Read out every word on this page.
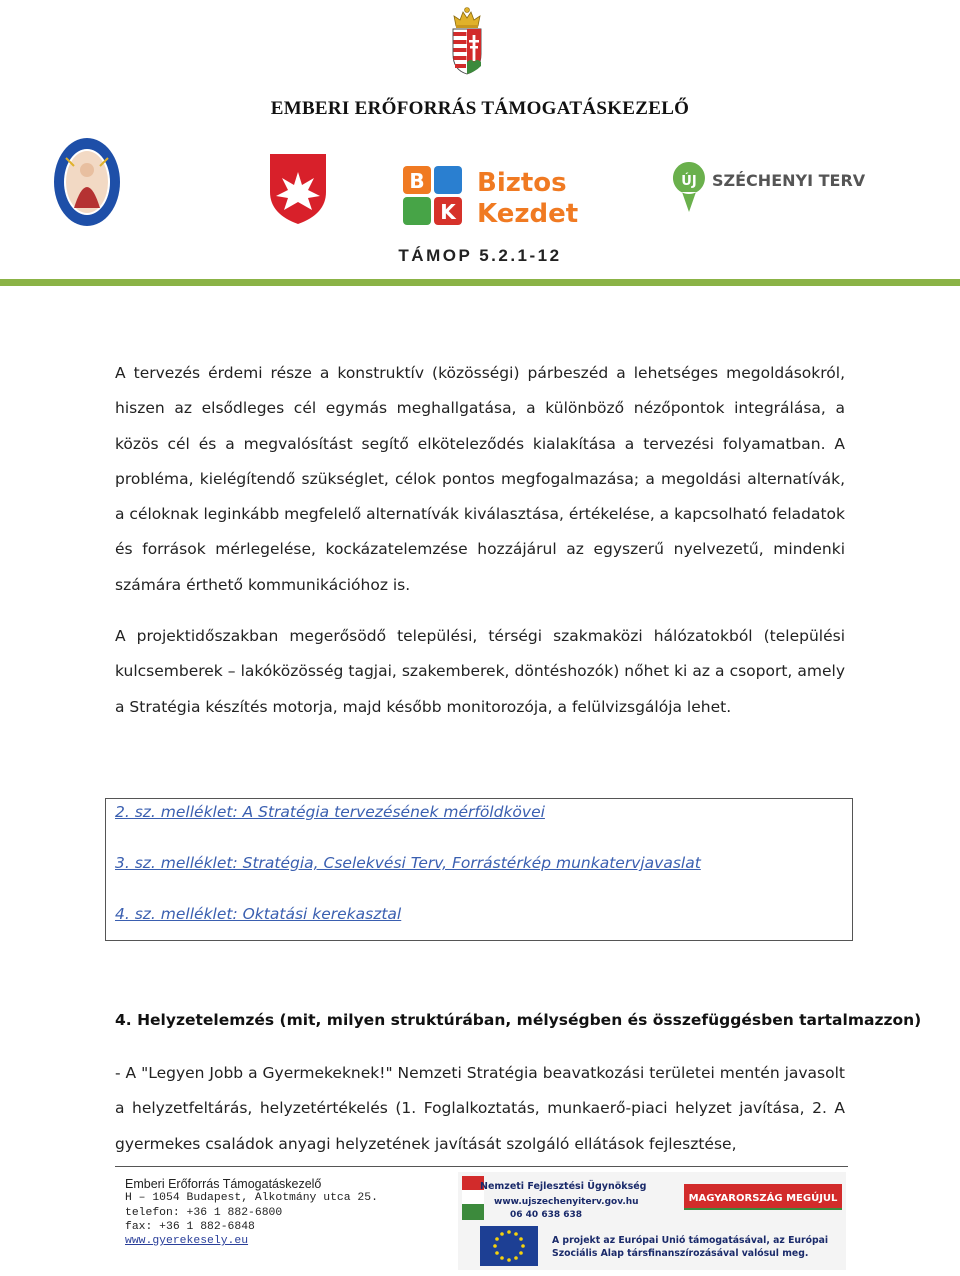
EMBERI ERŐFORRÁS TÁMOGATÁSKEZELŐ
B
K
Biztos
Kezdet
ÚJ SZÉCHENYI TERV
TÁMOP 5.2.1-12

A tervezés érdemi része a konstruktív (közösségi) párbeszéd a lehetséges megoldásokról, hiszen az elsődleges cél egymás meghallgatása, a különböző nézőpontok integrálása, a közös cél és a megvalósítást segítő elköteleződés kialakítása a tervezési folyamatban. A probléma, kielégítendő szükséglet, célok pontos megfogalmazása; a megoldási alternatívák, a céloknak leginkább megfelelő alternatívák kiválasztása, értékelése, a kapcsolható feladatok és források mérlegelése, kockázatelemzése hozzájárul az egyszerű nyelvezetű, mindenki számára érthető kommunikációhoz is.

A projektidőszakban megerősödő települési, térségi szakmaközi hálózatokból (települési kulcsemberek – lakóközösség tagjai, szakemberek, döntéshozók) nőhet ki az a csoport, amely a Stratégia készítés motorja, majd később monitorozója, a felülvizsgálója lehet.

2. sz. melléklet: A Stratégia tervezésének mérföldkövei
3. sz. melléklet: Stratégia, Cselekvési Terv, Forrástérkép munkatervjavaslat
4. sz. melléklet: Oktatási kerekasztal
4. Helyzetelemzés (mit, milyen struktúrában, mélységben és összefüggésben tartalmazzon)

- A "Legyen Jobb a Gyermekeknek!" Nemzeti Stratégia beavatkozási területei mentén javasolt a helyzetfeltárás, helyzetértékelés (1. Foglalkoztatás, munkaerő-piaci helyzet javítása, 2. A gyermekes családok anyagi helyzetének javítását szolgáló ellátások fejlesztése,

Emberi Erőforrás Támogatáskezelő
H – 1054 Budapest, Alkotmány utca 25.
telefon: +36 1 882-6800
fax: +36 1 882-6848
www.gyerekesely.eu
Nemzeti Fejlesztési Ügynökség
www.ujszechenyiterv.gov.hu
06 40 638 638
MAGYARORSZÁG MEGÚJUL
A projekt az Európai Unió támogatásával, az Európai
Szociális Alap társfinanszírozásával valósul meg.
